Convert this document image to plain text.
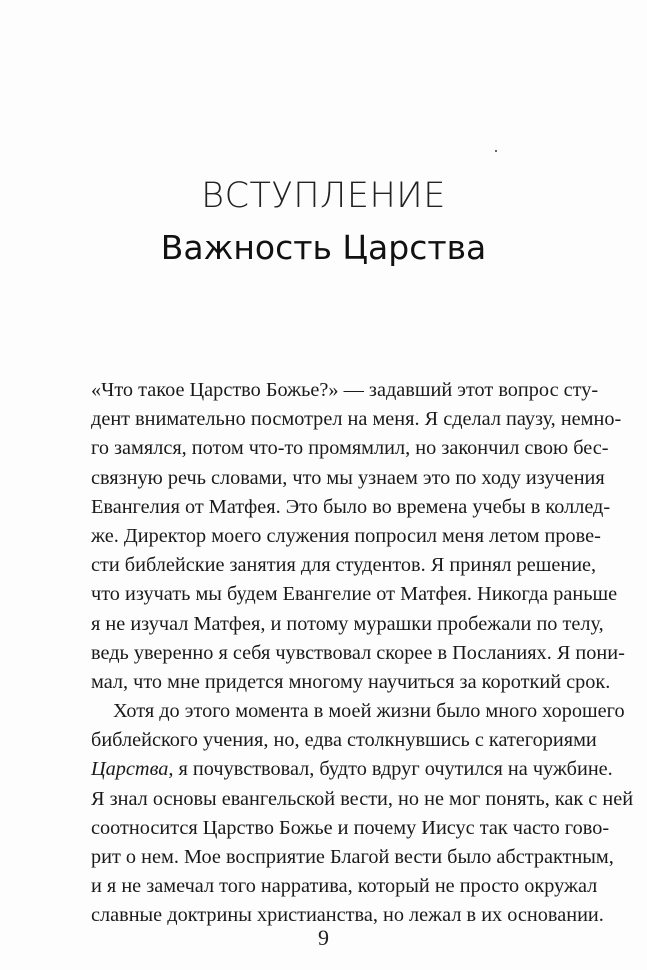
ВСТУПЛЕНИЕ
Важность Царства
«Что такое Царство Божье?» — задавший этот вопрос сту-
дент внимательно посмотрел на меня. Я сделал паузу, немно-
го замялся, потом что-то промямлил, но закончил свою бес-
связную речь словами, что мы узнаем это по ходу изучения
Евангелия от Матфея. Это было во времена учебы в коллед-
же. Директор моего служения попросил меня летом прове-
сти библейские занятия для студентов. Я принял решение,
что изучать мы будем Евангелие от Матфея. Никогда раньше
я не изучал Матфея, и потому мурашки пробежали по телу,
ведь уверенно я себя чувствовал скорее в Посланиях. Я пони-
мал, что мне придется многому научиться за короткий срок.
Хотя до этого момента в моей жизни было много хорошего
библейского учения, но, едва столкнувшись с категориями
Царства, я почувствовал, будто вдруг очутился на чужбине.
Я знал основы евангельской вести, но не мог понять, как с ней
соотносится Царство Божье и почему Иисус так часто гово-
рит о нем. Мое восприятие Благой вести было абстрактным,
и я не замечал того нарратива, который не просто окружал
славные доктрины христианства, но лежал в их основании.
9
